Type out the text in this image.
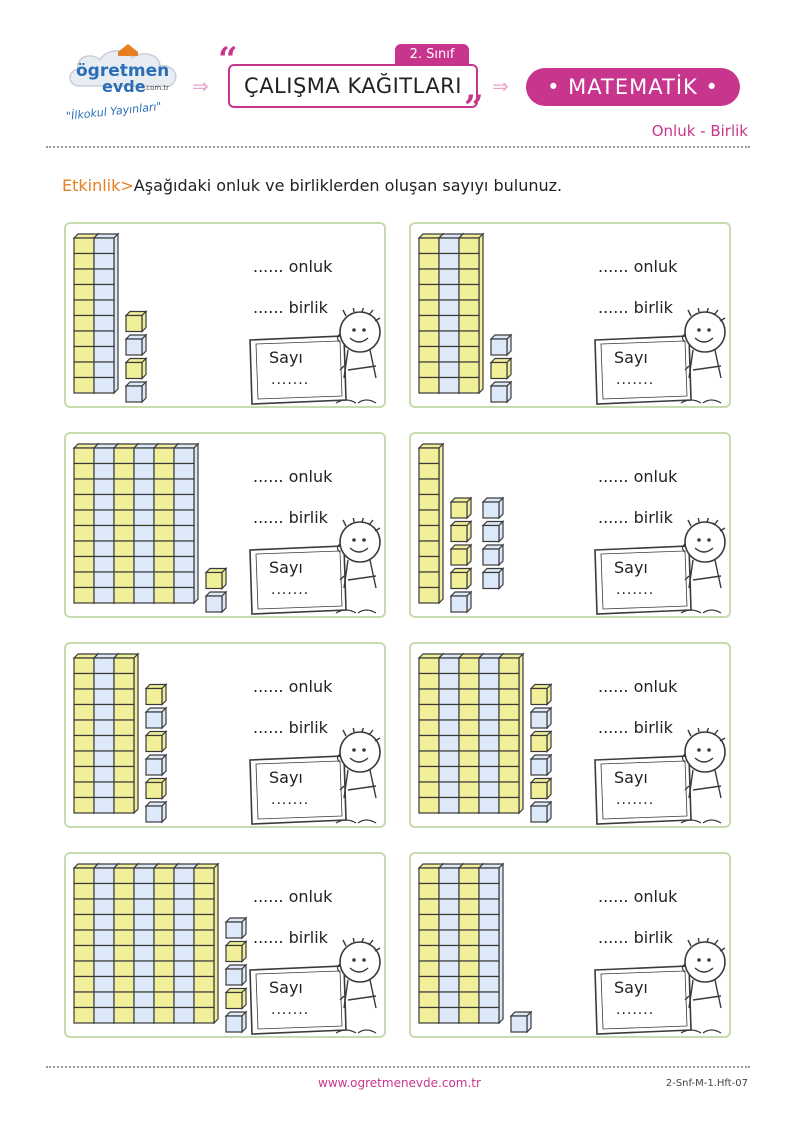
ögretmen
evde
.com.tr
"İlkokul Yayınları"
⇒
2. Sınıf
ÇALIŞMA KAĞITLARI
“
”
⇒	• MATEMATİK •
Onluk - Birlik
Etkinlik>Aşağıdaki onluk ve birliklerden oluşan sayıyı bulunuz.
...... onluk
...... birlik
Sayı
.......
...... onluk
...... birlik
Sayı
.......
...... onluk
...... birlik
Sayı
.......
...... onluk
...... birlik
Sayı
.......
...... onluk
...... birlik
Sayı
.......
...... onluk
...... birlik
Sayı
.......
...... onluk
...... birlik
Sayı
.......
...... onluk
...... birlik
Sayı
.......
www.ogretmenevde.com.tr	2-Snf-M-1.Hft-07
